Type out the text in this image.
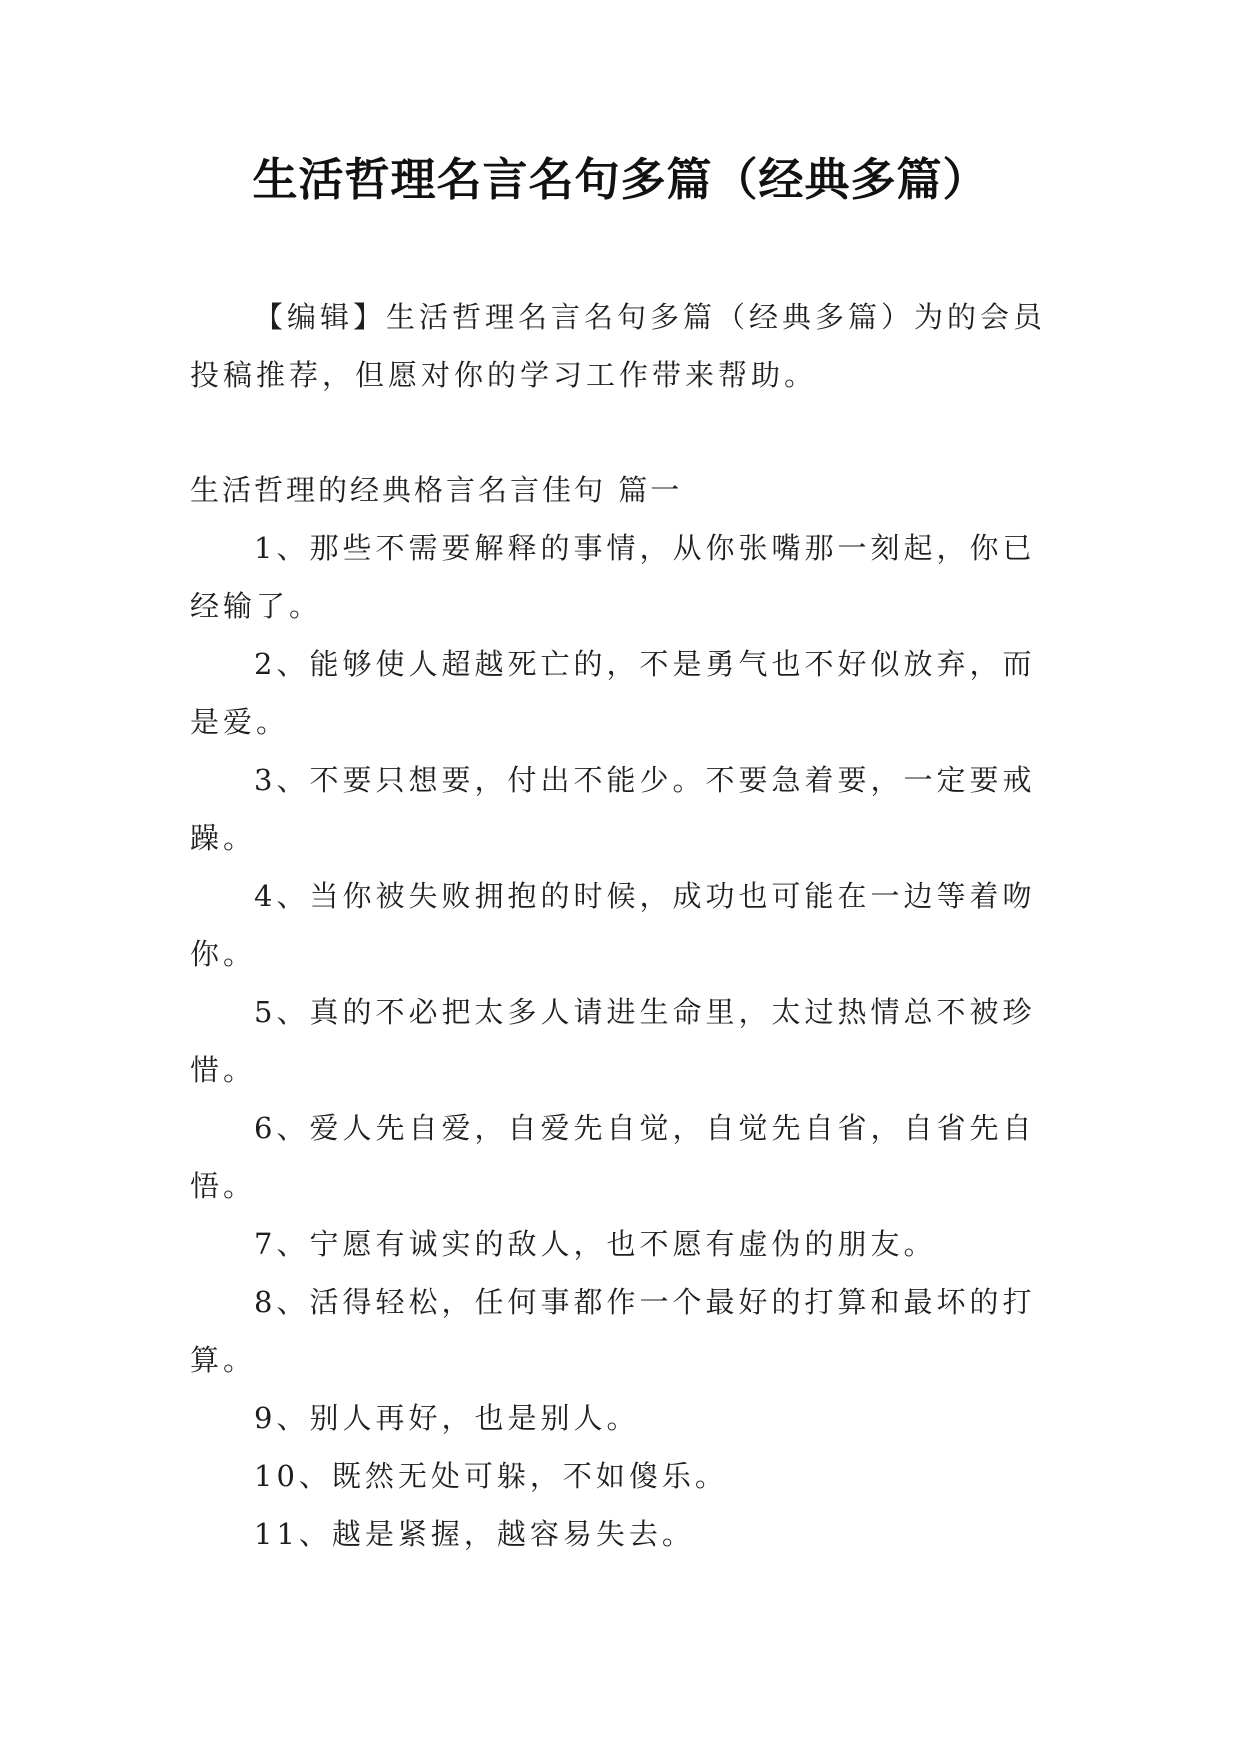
生活哲理名言名句多篇（经典多篇）

【编辑】生活哲理名言名句多篇（经典多篇）为的会员投稿推荐，但愿对你的学习工作带来帮助。

生活哲理的经典格言名言佳句 篇一

1、那些不需要解释的事情，从你张嘴那一刻起，你已经输了。
2、能够使人超越死亡的，不是勇气也不好似放弃，而是爱。
3、不要只想要，付出不能少。不要急着要，一定要戒躁。
4、当你被失败拥抱的时候，成功也可能在一边等着吻你。
5、真的不必把太多人请进生命里，太过热情总不被珍惜。
6、爱人先自爱，自爱先自觉，自觉先自省，自省先自悟。
7、宁愿有诚实的敌人，也不愿有虚伪的朋友。
8、活得轻松，任何事都作一个最好的打算和最坏的打算。
9、别人再好，也是别人。
10、既然无处可躲，不如傻乐。
11、越是紧握，越容易失去。
